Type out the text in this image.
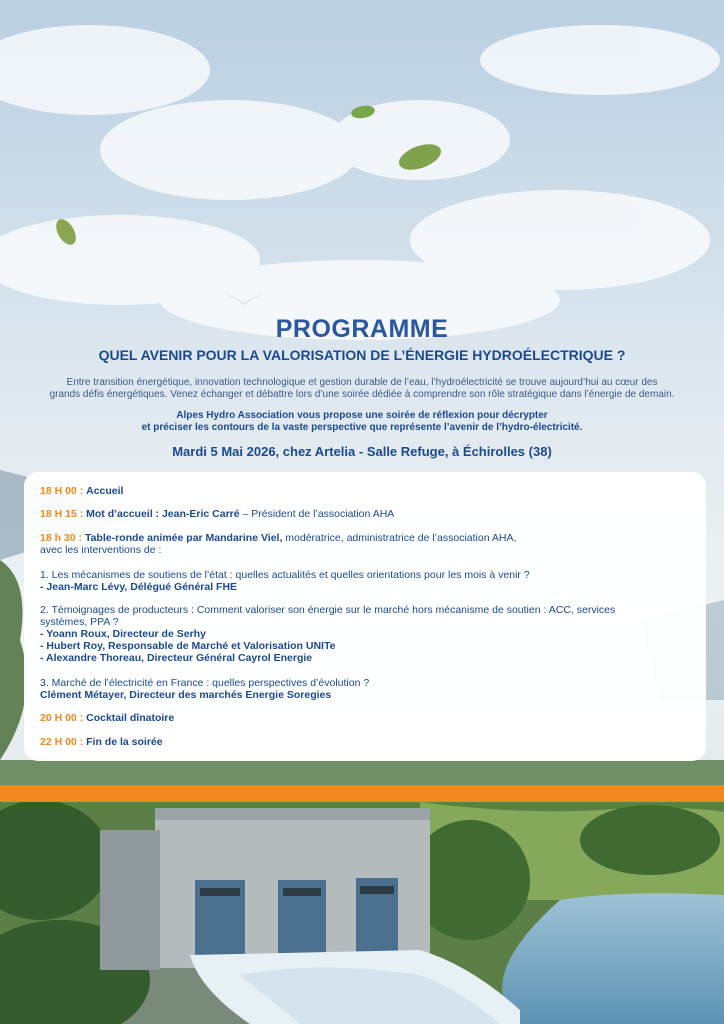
PROGRAMME
QUEL AVENIR POUR LA VALORISATION DE L’ÉNERGIE HYDROÉLECTRIQUE ?
Entre transition énergétique, innovation technologique et gestion durable de l’eau, l’hydroélectricité se trouve aujourd’hui au cœur des
grands défis énergétiques. Venez échanger et débattre lors d’une soirée dédiée à comprendre son rôle stratégique dans l’énergie de demain.
Alpes Hydro Association vous propose une soirée de réflexion pour décrypter
et préciser les contours de la vaste perspective que représente l’avenir de l’hydro-électricité.
Mardi 5 Mai 2026, chez Artelia - Salle Refuge, à Échirolles (38)
18 H 00 : Accueil
18 H 15 : Mot d’accueil : Jean-Eric Carré – Président de l’association AHA
18 h 30 : Table-ronde animée par Mandarine Viel, modératrice, administratrice de l’association AHA,
avec les interventions de :
1. Les mécanismes de soutiens de l’état : quelles actualités et quelles orientations pour les mois à venir ?
- Jean-Marc Lévy, Délégué Général FHE
2. Témoignages de producteurs : Comment valoriser son énergie sur le marché hors mécanisme de soutien : ACC, services
systèmes, PPA ?
- Yoann Roux, Directeur de Serhy
- Hubert Roy, Responsable de Marché et Valorisation UNITe
- Alexandre Thoreau, Directeur Général Cayrol Energie
3. Marché de l’électricité en France : quelles perspectives d’évolution ?
Clément Métayer, Directeur des marchés Energie Soregies
20 H 00 : Cocktail dînatoire
22 H 00 : Fin de la soirée
